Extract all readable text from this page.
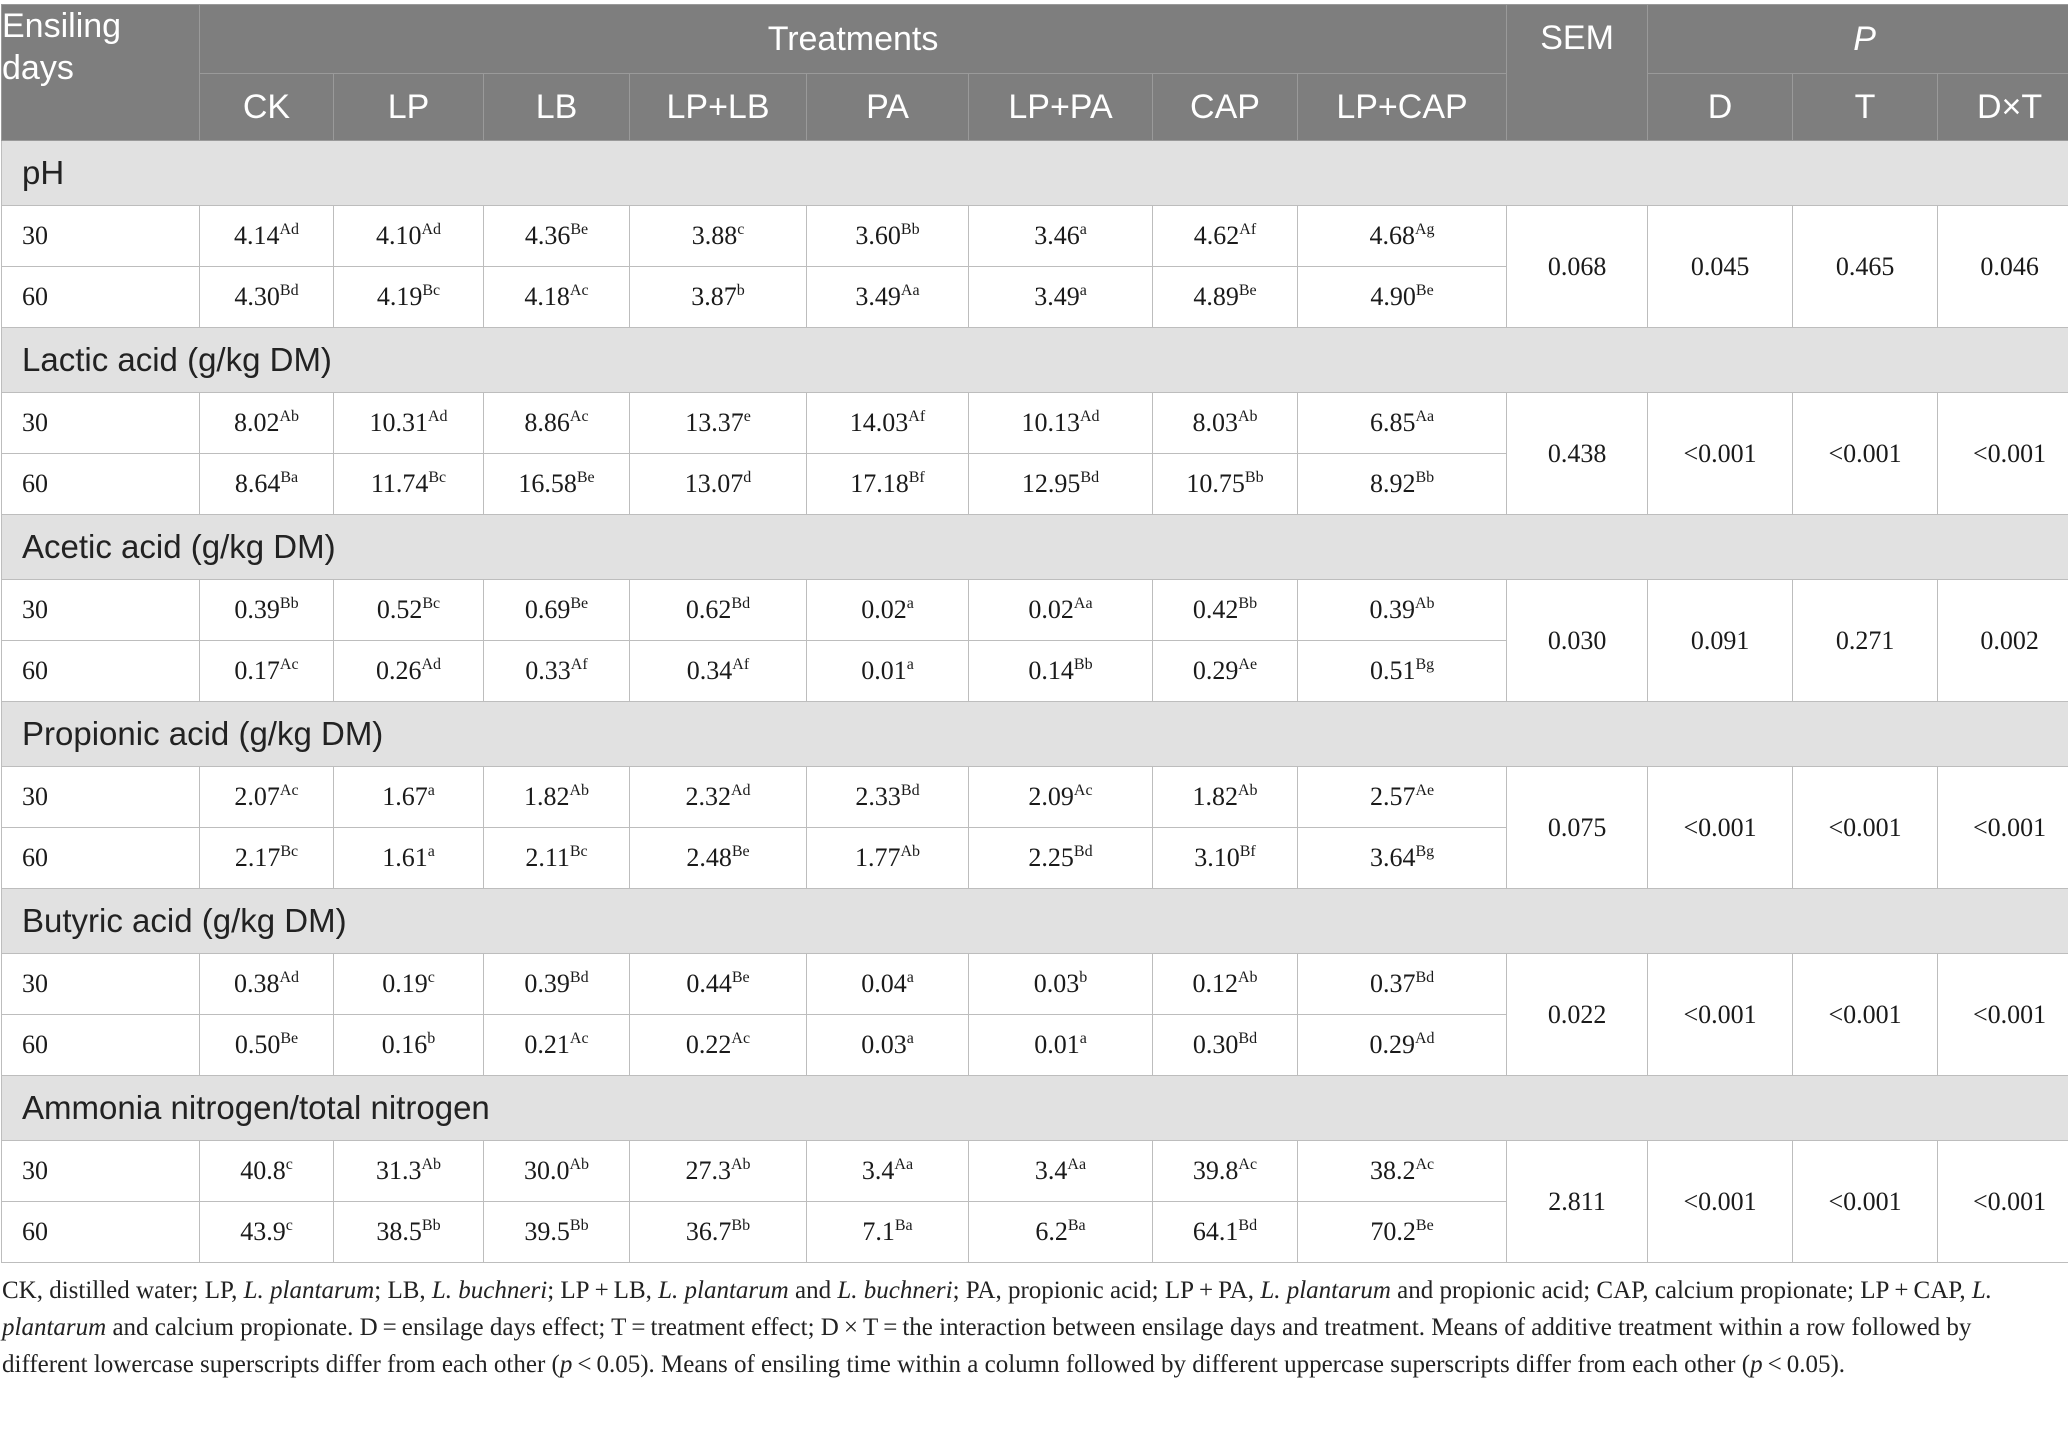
Ensiling days	Treatments								SEM	P		
	CK	LP	LB	LP+LB	PA	LP+PA	CAP	LP+CAP		D	T	D×T
pH												
30	$4.14^{Ad}$	$4.10^{Ad}$	$4.36^{Be}$	3.88$^c$	$3.60^{Bb}$	3.46$^a$	$4.62^{Af}$	$4.68^{Ag}$	0.068	0.045	0.465	0.046
60	$4.30^{Bd}$	$4.19^{Bc}$	$4.18^{Ac}$	3.87$^b$	$3.49^{Aa}$	3.49$^a$	$4.89^{Be}$	$4.90^{Be}$
Lactic acid (g/kg DM)												
30	$8.02^{Ab}$	$10.31^{Ad}$	$8.86^{Ac}$	13.37e	$14.03^{Af}$	$10.13^{Ad}$	$8.03^{Ab}$	$6.85^{Aa}$	0.438	<0.001	<0.001	<0.001
60	$8.64^{Ba}$	$11.74^{Bc}$	$16.58^{Be}$	13.07$^d$	$17.18^{Bf}$	$12.95^{Bd}$	$10.75^{Bb}$	$8.92^{Bb}$
Acetic acid (g/kg DM)												
30	$0.39^{Bb}$	$0.52^{Bc}$	$0.69^{Be}$	$0.62^{Bd}$	0.02$^a$	$0.02^{Aa}$	$0.42^{Bb}$	$0.39^{Ab}$	0.030	0.091	0.271	0.002
60	$0.17^{Ac}$	$0.26^{Ad}$	$0.33^{Af}$	$0.34^{Af}$	0.01$^a$	$0.14^{Bb}$	$0.29^{Ae}$	$0.51^{Bg}$
Propionic acid (g/kg DM)												
30	$2.07^{Ac}$	1.67$^a$	$1.82^{Ab}$	$2.32^{Ad}$	$2.33^{Bd}$	$2.09^{Ac}$	$1.82^{Ab}$	$2.57^{Ae}$	0.075	<0.001	<0.001	<0.001
60	$2.17^{Bc}$	1.61$^a$	$2.11^{Bc}$	$2.48^{Be}$	$1.77^{Ab}$	$2.25^{Bd}$	$3.10^{Bf}$	$3.64^{Bg}$
Butyric acid (g/kg DM)												
30	$0.38^{Ad}$	0.19$^c$	$0.39^{Bd}$	$0.44^{Be}$	0.04$^a$	0.03$^b$	$0.12^{Ab}$	$0.37^{Bd}$	0.022	<0.001	<0.001	<0.001
60	$0.50^{Be}$	0.16$^b$	$0.21^{Ac}$	$0.22^{Ac}$	0.03$^a$	0.01$^a$	$0.30^{Bd}$	$0.29^{Ad}$
Ammonia nitrogen/total nitrogen												
30	40.8$^c$	$31.3^{Ab}$	$30.0^{Ab}$	$27.3^{Ab}$	$3.4^{Aa}$	$3.4^{Aa}$	$39.8^{Ac}$	$38.2^{Ac}$	2.811	<0.001	<0.001	<0.001
60	43.9$^c$	$38.5^{Bb}$	$39.5^{Bb}$	$36.7^{Bb}$	$7.1^{Ba}$	$6.2^{Ba}$	$64.1^{Bd}$	$70.2^{Be}$
CK, distilled water; LP, L. plantarum; LB, L. buchneri; LP + LB, L. plantarum and L. buchneri; PA, propionic acid; LP + PA, L. plantarum and propionic acid; CAP, calcium propionate; LP + CAP, L. plantarum and calcium propionate. D = ensilage days effect; T = treatment effect; D × T = the interaction between ensilage days and treatment. Means of additive treatment within a row followed by different lowercase superscripts differ from each other (p < 0.05). Means of ensiling time within a column followed by different uppercase superscripts differ from each other (p < 0.05).
